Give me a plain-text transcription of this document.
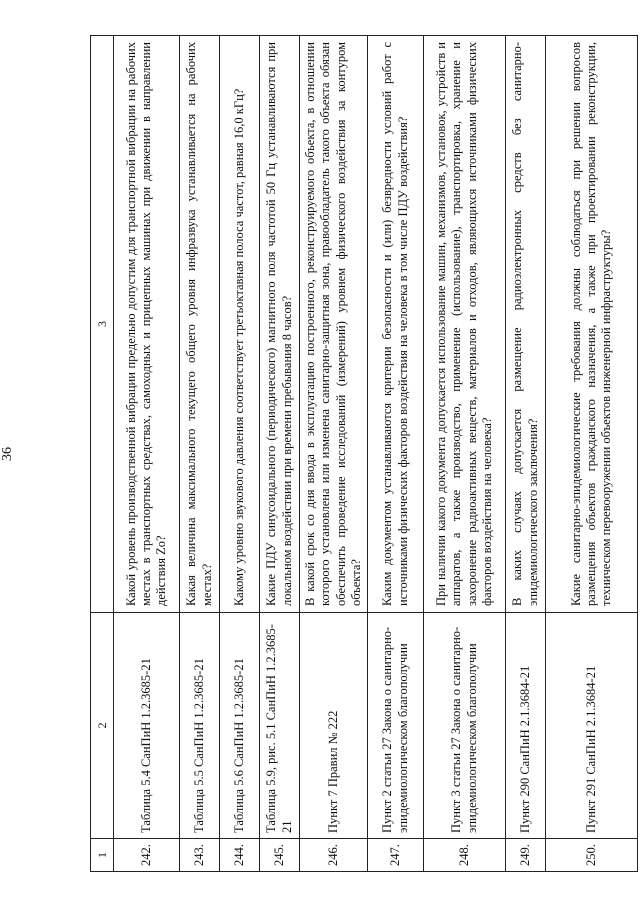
36
1	2	3
242.	Таблица 5.4 СанПиН 1.2.3685-21	Какой уровень производственной вибрации предельно допустим для транспортной вибрации на рабочих местах в транспортных средствах, самоходных и прицепных машинах при движении в направлении действия Zo?
243.	Таблица 5.5 СанПиН 1.2.3685-21	Какая величина максимального текущего общего уровня инфразвука устанавливается на рабочих местах?
244.	Таблица 5.6 СанПиН 1.2.3685-21	Какому уровню звукового давления соответствует третьоктавная полоса частот, равная 16,0 кГц?
245.	Таблица 5.9, рис. 5.1 СанПиН 1.2.3685-21	Какие ПДУ синусоидального (периодического) магнитного поля частотой 50 Гц устанавливаются при локальном воздействии при времени пребывания 8 часов?
246.	Пункт 7 Правил № 222	В какой срок со дня ввода в эксплуатацию построенного, реконструируемого объекта, в отношении которого установлена или изменена санитарно-защитная зона, правообладатель такого объекта обязан обеспечить проведение исследований (измерений) уровнем физического воздействия за контуром объекта?
247.	Пункт 2 статьи 27 Закона о санитарно-эпидемиологическом благополучии	Каким документом устанавливаются критерии безопасности и (или) безвредности условий работ с источниками физических факторов воздействия на человека в том числе ПДУ воздействия?
248.	Пункт 3 статьи 27 Закона о санитарно-эпидемиологическом благополучии	При наличии какого документа допускается использование машин, механизмов, установок, устройств и аппаратов, а также производство, применение (использование), транспортировка, хранение и захоронение радиоактивных веществ, материалов и отходов, являющихся источниками физических факторов воздействия на человека?
249.	Пункт 290 СанПиН 2.1.3684-21	В каких случаях допускается размещение радиоэлектронных средств без санитарно-эпидемиологического заключения?
250.	Пункт 291 СанПиН 2.1.3684-21	Какие санитарно-эпидемиологические требования должны соблюдаться при решении вопросов размещения объектов гражданского назначения, а также при проектировании реконструкции, техническом перевооружении объектов инженерной инфраструктуры?
